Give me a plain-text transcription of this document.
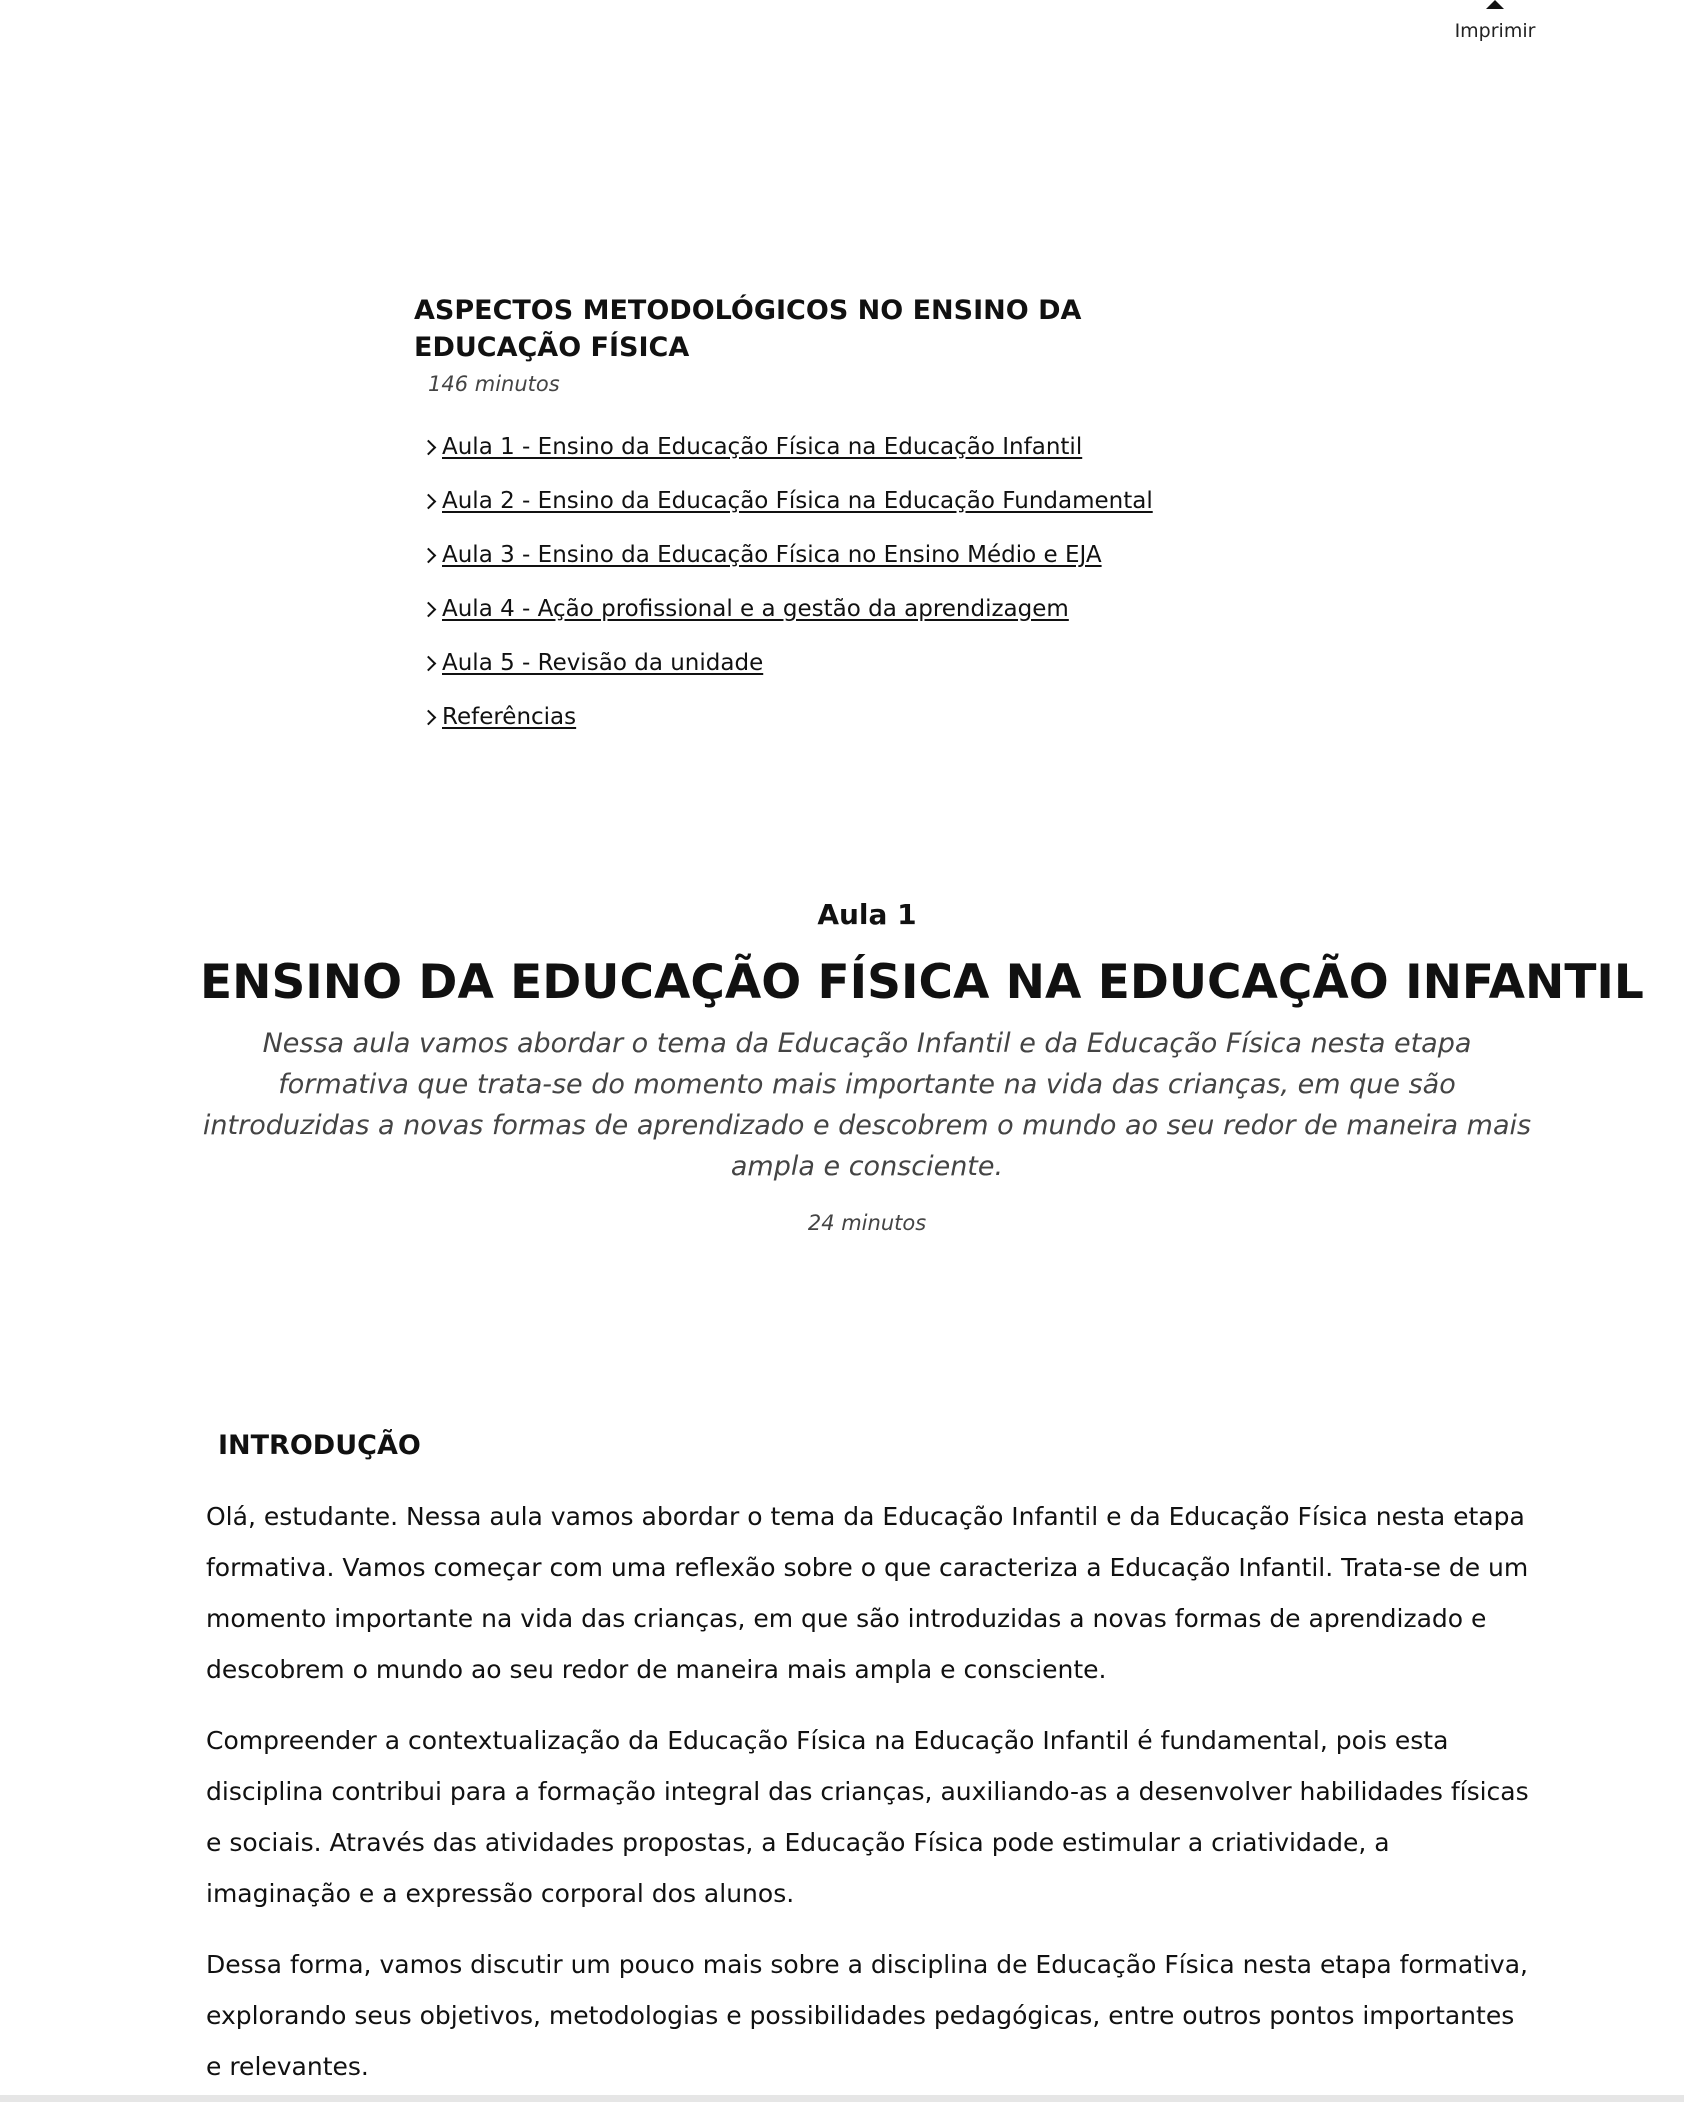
Imprimir
ASPECTOS METODOLÓGICOS NO ENSINO DA EDUCAÇÃO FÍSICA
146 minutos
Aula 1 - Ensino da Educação Física na Educação Infantil
Aula 2 - Ensino da Educação Física na Educação Fundamental
Aula 3 - Ensino da Educação Física no Ensino Médio e EJA
Aula 4 - Ação profissional e a gestão da aprendizagem
Aula 5 - Revisão da unidade
Referências
Aula 1
ENSINO DA EDUCAÇÃO FÍSICA NA EDUCAÇÃO INFANTIL

Nessa aula vamos abordar o tema da Educação Infantil e da Educação Física nesta etapa formativa que trata-se do momento mais importante na vida das crianças, em que são introduzidas a novas formas de aprendizado e descobrem o mundo ao seu redor de maneira mais ampla e consciente.

24 minutos
INTRODUÇÃO

Olá, estudante. Nessa aula vamos abordar o tema da Educação Infantil e da Educação Física nesta etapa formativa. Vamos começar com uma reflexão sobre o que caracteriza a Educação Infantil. Trata-se de um momento importante na vida das crianças, em que são introduzidas a novas formas de aprendizado e descobrem o mundo ao seu redor de maneira mais ampla e consciente.

Compreender a contextualização da Educação Física na Educação Infantil é fundamental, pois esta disciplina contribui para a formação integral das crianças, auxiliando-as a desenvolver habilidades físicas e sociais. Através das atividades propostas, a Educação Física pode estimular a criatividade, a imaginação e a expressão corporal dos alunos.

Dessa forma, vamos discutir um pouco mais sobre a disciplina de Educação Física nesta etapa formativa, explorando seus objetivos, metodologias e possibilidades pedagógicas, entre outros pontos importantes e relevantes.
